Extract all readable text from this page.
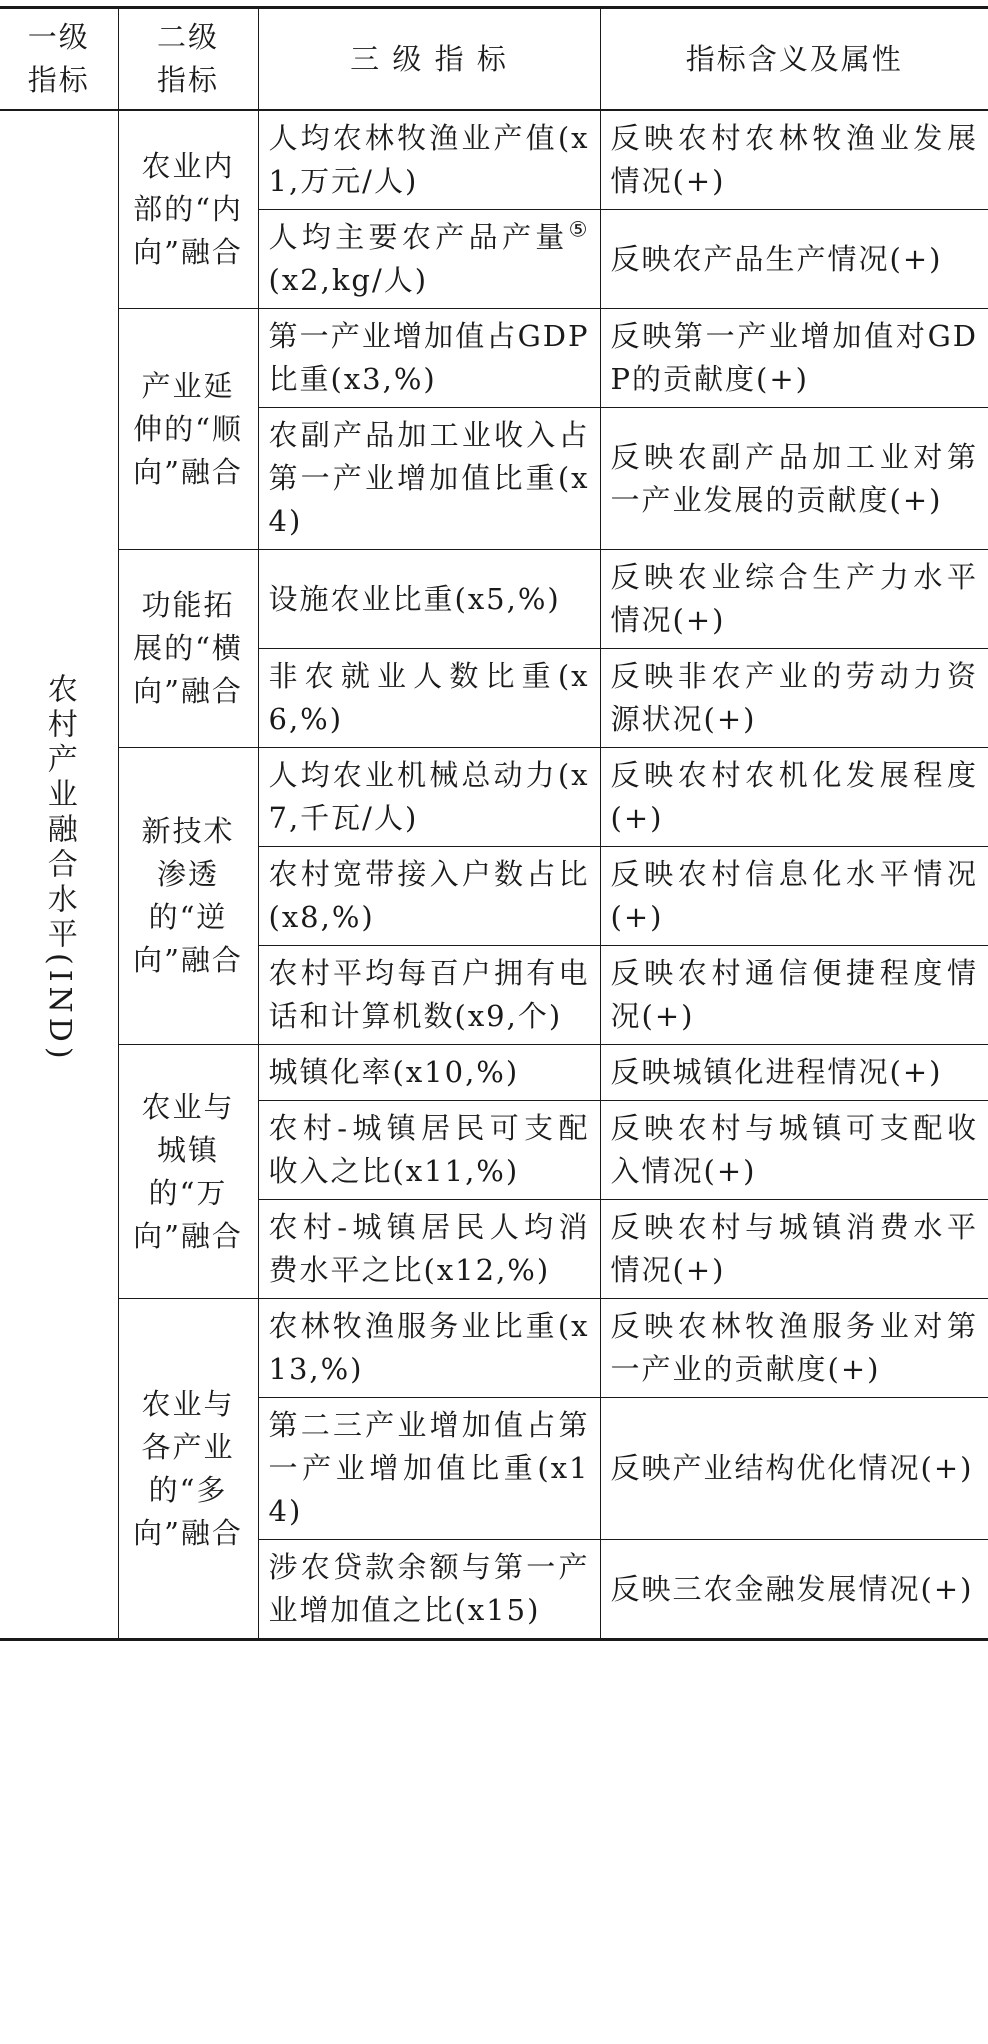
一级指标	二级指标	三 级 指 标	指标含义及属性
农村产业融合水平(IND)	农业内部的“内向”融合	人均农林牧渔业产值(x1,万元/人)	反映农村农林牧渔业发展情况(+)
		人均主要农产品产量⑤(x2,kg/人)	反映农产品生产情况(+)
	产业延伸的“顺向”融合	第一产业增加值占GDP比重(x3,%)	反映第一产业增加值对GDP的贡献度(+)
		农副产品加工业收入占第一产业增加值比重(x4)	反映农副产品加工业对第一产业发展的贡献度(+)
	功能拓展的“横向”融合	设施农业比重(x5,%)	反映农业综合生产力水平情况(+)
		非农就业人数比重(x6,%)	反映非农产业的劳动力资源状况(+)
	新技术渗透的“逆向”融合	人均农业机械总动力(x7,千瓦/人)	反映农村农机化发展程度(+)
		农村宽带接入户数占比(x8,%)	反映农村信息化水平情况(+)
		农村平均每百户拥有电话和计算机数(x9,个)	反映农村通信便捷程度情况(+)
	农业与城镇的“万向”融合	城镇化率(x10,%)	反映城镇化进程情况(+)
		农村-城镇居民可支配收入之比(x11,%)	反映农村与城镇可支配收入情况(+)
		农村-城镇居民人均消费水平之比(x12,%)	反映农村与城镇消费水平情况(+)
	农业与各产业的“多向”融合	农林牧渔服务业比重(x13,%)	反映农林牧渔服务业对第一产业的贡献度(+)
		第二三产业增加值占第一产业增加值比重(x14)	反映产业结构优化情况(+)
		涉农贷款余额与第一产业增加值之比(x15)	反映三农金融发展情况(+)
